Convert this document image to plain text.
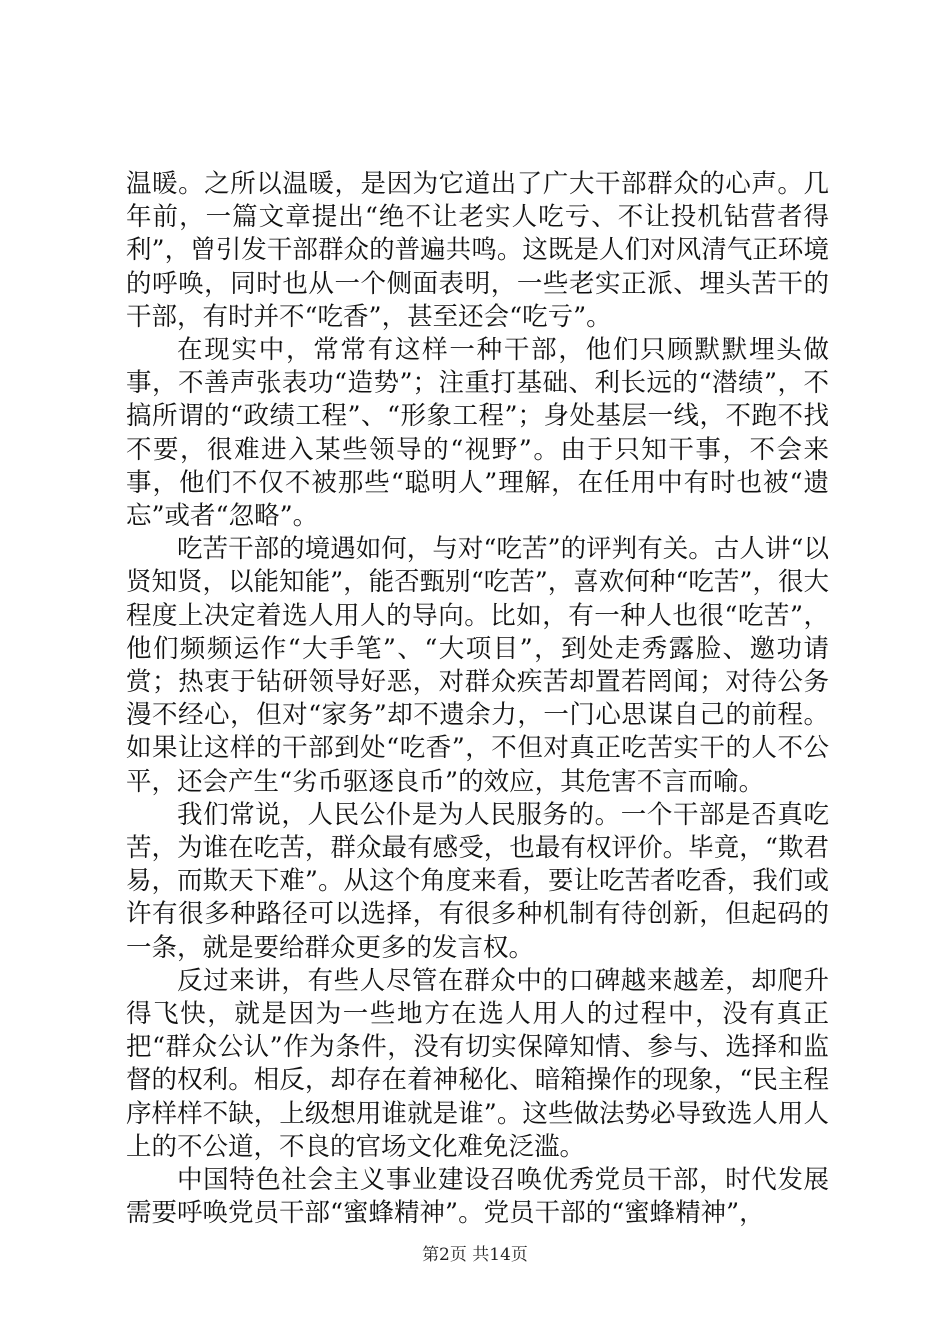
温暖。之所以温暖，是因为它道出了广大干部群众的心声。几年前，一篇文章提出“绝不让老实人吃亏、不让投机钻营者得利”，曾引发干部群众的普遍共鸣。这既是人们对风清气正环境的呼唤，同时也从一个侧面表明，一些老实正派、埋头苦干的干部，有时并不“吃香”，甚至还会“吃亏”。

在现实中，常常有这样一种干部，他们只顾默默埋头做事，不善声张表功“造势”；注重打基础、利长远的“潜绩”，不搞所谓的“政绩工程”、“形象工程”；身处基层一线，不跑不找不要，很难进入某些领导的“视野”。由于只知干事，不会来事，他们不仅不被那些“聪明人”理解，在任用中有时也被“遗忘”或者“忽略”。

吃苦干部的境遇如何，与对“吃苦”的评判有关。古人讲“以贤知贤，以能知能”，能否甄别“吃苦”，喜欢何种“吃苦”，很大程度上决定着选人用人的导向。比如，有一种人也很“吃苦”，他们频频运作“大手笔”、“大项目”，到处走秀露脸、邀功请赏；热衷于钻研领导好恶，对群众疾苦却置若罔闻；对待公务漫不经心，但对“家务”却不遗余力，一门心思谋自己的前程。如果让这样的干部到处“吃香”，不但对真正吃苦实干的人不公平，还会产生“劣币驱逐良币”的效应，其危害不言而喻。

我们常说，人民公仆是为人民服务的。一个干部是否真吃苦，为谁在吃苦，群众最有感受，也最有权评价。毕竟，“欺君易，而欺天下难”。从这个角度来看，要让吃苦者吃香，我们或许有很多种路径可以选择，有很多种机制有待创新，但起码的一条，就是要给群众更多的发言权。

反过来讲，有些人尽管在群众中的口碑越来越差，却爬升得飞快，就是因为一些地方在选人用人的过程中，没有真正把“群众公认”作为条件，没有切实保障知情、参与、选择和监督的权利。相反，却存在着神秘化、暗箱操作的现象，“民主程序样样不缺，上级想用谁就是谁”。这些做法势必导致选人用人上的不公道，不良的官场文化难免泛滥。

中国特色社会主义事业建设召唤优秀党员干部，时代发展需要呼唤党员干部“蜜蜂精神”。党员干部的“蜜蜂精神”，

第2页 共14页
